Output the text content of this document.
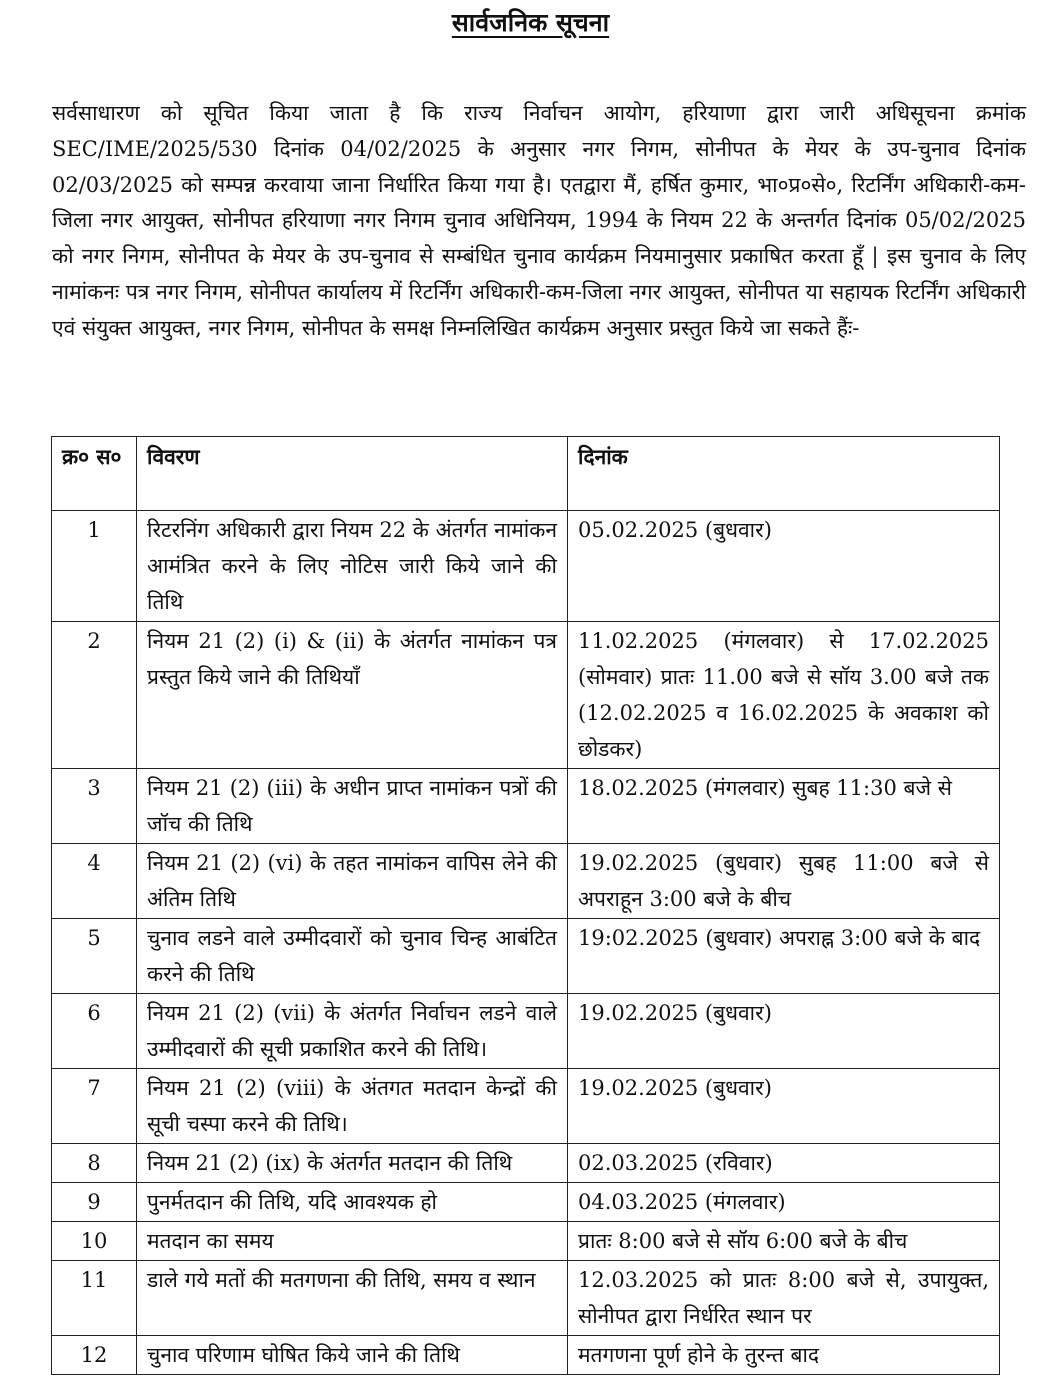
सार्वजनिक सूचना

सर्वसाधारण को सूचित किया जाता है कि राज्य निर्वाचन आयोग, हरियाणा द्वारा जारी अधिसूचना क्रमांक SEC/IME/2025/530 दिनांक 04/02/2025 के अनुसार नगर निगम, सोनीपत के मेयर के उप-चुनाव दिनांक 02/03/2025 को सम्पन्न करवाया जाना निर्धारित किया गया है। एतद्वारा मैं, हर्षित कुमार, भा०प्र०से०, रिटर्निंग अधिकारी-कम-जिला नगर आयुक्त, सोनीपत हरियाणा नगर निगम चुनाव अधिनियम, 1994 के नियम 22 के अन्तर्गत दिनांक 05/02/2025 को नगर निगम, सोनीपत के मेयर के उप-चुनाव से सम्बंधित चुनाव कार्यक्रम नियमानुसार प्रकाषित करता हूँ | इस चुनाव के लिए नामांकनः पत्र नगर निगम, सोनीपत कार्यालय में रिटर्निंग अधिकारी-कम-जिला नगर आयुक्त, सोनीपत या सहायक रिटर्निंग अधिकारी एवं संयुक्त आयुक्त, नगर निगम, सोनीपत के समक्ष निम्नलिखित कार्यक्रम अनुसार प्रस्तुत किये जा सकते हैंः-

क्र० स०	विवरण	दिनांक
1	रिटरनिंग अधिकारी द्वारा नियम 22 के अंतर्गत नामांकन आमंत्रित करने के लिए नोटिस जारी किये जाने की तिथि	05.02.2025 (बुधवार)
2	नियम 21 (2) (i) & (ii) के अंतर्गत नामांकन पत्र प्रस्तुत किये जाने की तिथियाँ	11.02.2025 (मंगलवार) से 17.02.2025 (सोमवार) प्रातः 11.00 बजे से सॉय 3.00 बजे तक (12.02.2025 व 16.02.2025 के अवकाश को छोडकर)
3	नियम 21 (2) (iii) के अधीन प्राप्त नामांकन पत्रों की जॉच की तिथि	18.02.2025 (मंगलवार) सुबह 11:30 बजे से
4	नियम 21 (2) (vi) के तहत नामांकन वापिस लेने की अंतिम तिथि	19.02.2025 (बुधवार) सुबह 11:00 बजे से अपराहून 3:00 बजे के बीच
5	चुनाव लडने वाले उम्मीदवारों को चुनाव चिन्ह आबंटित करने की तिथि	19:02.2025 (बुधवार) अपराह्न 3:00 बजे के बाद
6	नियम 21 (2) (vii) के अंतर्गत निर्वाचन लडने वाले उम्मीदवारों की सूची प्रकाशित करने की तिथि।	19.02.2025 (बुधवार)
7	नियम 21 (2) (viii) के अंतगत मतदान केन्द्रों की सूची चस्पा करने की तिथि।	19.02.2025 (बुधवार)
8	नियम 21 (2) (ix) के अंतर्गत मतदान की तिथि	02.03.2025 (रविवार)
9	पुनर्मतदान की तिथि, यदि आवश्यक हो	04.03.2025 (मंगलवार)
10	मतदान का समय	प्रातः 8:00 बजे से सॉय 6:00 बजे के बीच
11	डाले गये मतों की मतगणना की तिथि, समय व स्थान	12.03.2025 को प्रातः 8:00 बजे से, उपायुक्त, सोनीपत द्वारा निर्धरित स्थान पर
12	चुनाव परिणाम घोषित किये जाने की तिथि	मतगणना पूर्ण होने के तुरन्त बाद
